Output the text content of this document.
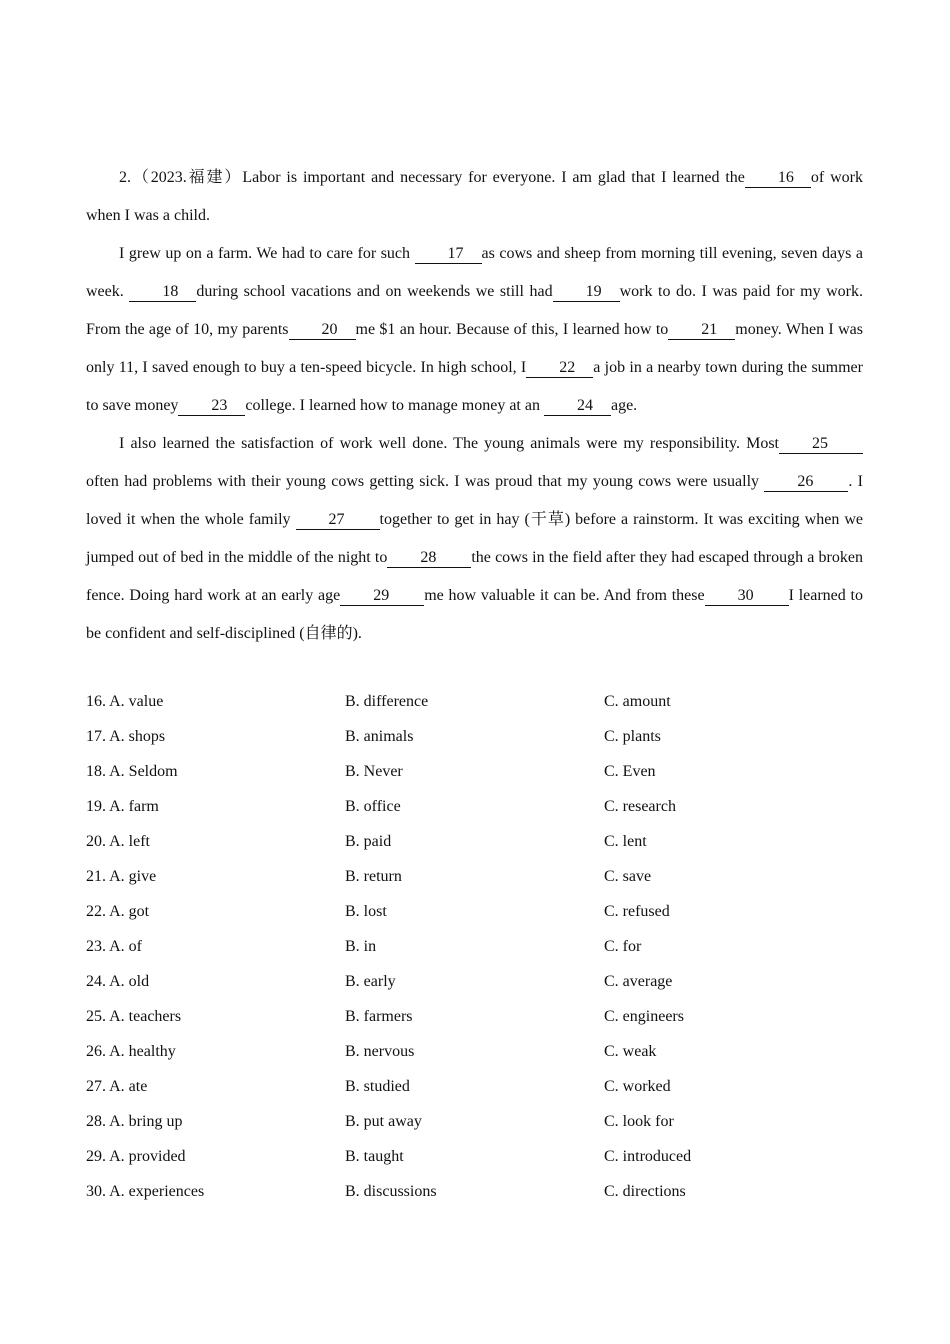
2.（2023.福建）Labor is important and necessary for everyone. I am glad that I learned the 16 of work when I was a child.

I grew up on a farm. We had to care for such 17 as cows and sheep from morning till evening, seven days a week. 18 during school vacations and on weekends we still had 19 work to do. I was paid for my work. From the age of 10, my parents 20 me $1 an hour. Because of this, I learned how to 21 money. When I was only 11, I saved enough to buy a ten-speed bicycle. In high school, I 22 a job in a nearby town during the summer to save money 23 college. I learned how to manage money at an 24 age.

I also learned the satisfaction of work well done. The young animals were my responsibility. Most 25often had problems with their young cows getting sick. I was proud that my young cows were usually 26 . I loved it when the whole family 27 together to get in hay (干草) before a rainstorm. It was exciting when we jumped out of bed in the middle of the night to 28 the cows in the field after they had escaped through a broken fence. Doing hard work at an early age 29 me how valuable it can be. And from these 30 I learned to be confident and self-disciplined (自律的).

16. A. value	B. difference	C. amount
17. A. shops	B. animals	C. plants
18. A. Seldom	B. Never	C. Even
19. A. farm	B. office	C. research
20. A. left	B. paid	C. lent
21. A. give	B. return	C. save
22. A. got	B. lost	C. refused
23. A. of	B. in	C. for
24. A. old	B. early	C. average
25. A. teachers	B. farmers	C. engineers
26. A. healthy	B. nervous	C. weak
27. A. ate	B. studied	C. worked
28. A. bring up	B. put away	C. look for
29. A. provided	B. taught	C. introduced
30. A. experiences	B. discussions	C. directions
